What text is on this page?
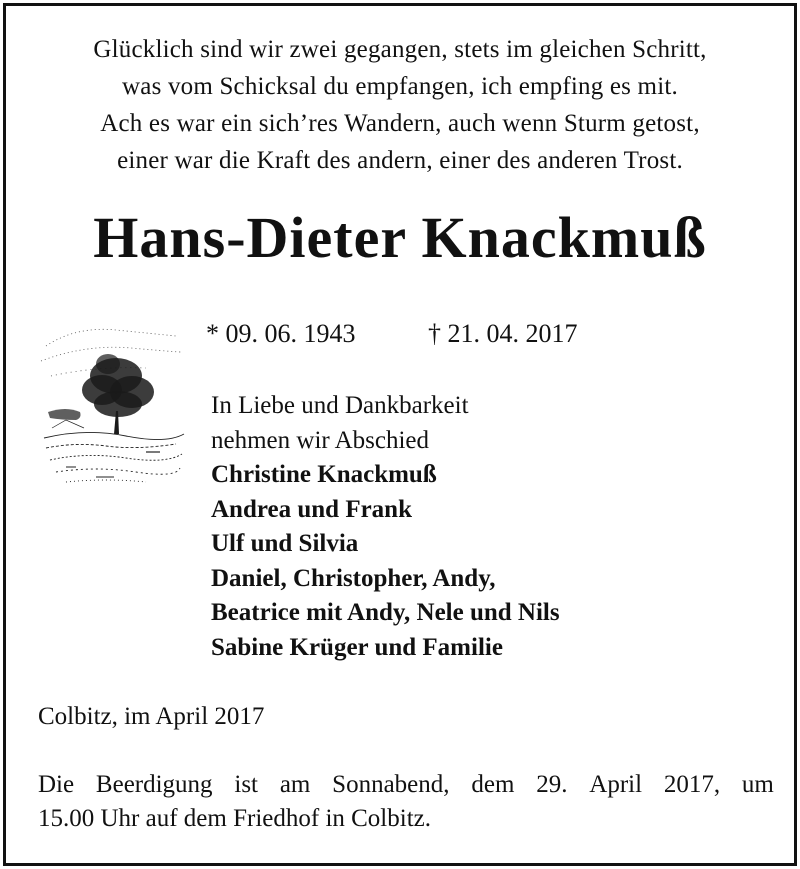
Glücklich sind wir zwei gegangen, stets im gleichen Schritt,
was vom Schicksal du empfangen, ich empfing es mit.
Ach es war ein sich’res Wandern, auch wenn Sturm getost,
einer war die Kraft des andern, einer des anderen Trost.
Hans-Dieter Knackmuß
* 09. 06. 1943	† 21. 04. 2017
In Liebe und Dankbarkeit
nehmen wir Abschied
Christine Knackmuß
Andrea und Frank
Ulf und Silvia
Daniel, Christopher, Andy,
Beatrice mit Andy, Nele und Nils
Sabine Krüger und Familie
Colbitz, im April 2017
Die Beerdigung ist am Sonnabend, dem 29. April 2017, um
15.00 Uhr auf dem Friedhof in Colbitz.
